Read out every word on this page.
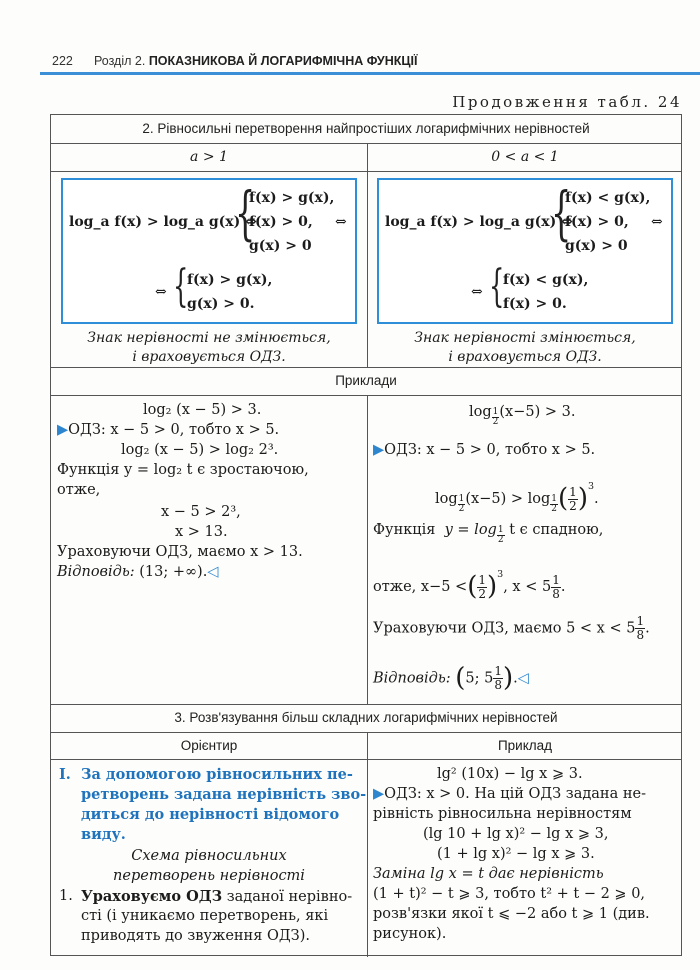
222 Розділ 2. ПОКАЗНИКОВА Й ЛОГАРИФМІЧНА ФУНКЦІЇ
Продовження табл. 24
2. Рівносильні перетворення найпростіших логарифмічних нерівностей
a > 1	0 < a < 1
log_a f(x) > log_a g(x) ⇔
{
f(x) > g(x),
f(x) > 0,
g(x) > 0
⇔
⇔ {
f(x) > g(x),
g(x) > 0.
log_a f(x) > log_a g(x) ⇔
{
f(x) < g(x),
f(x) > 0,
g(x) > 0
⇔
⇔ {
f(x) < g(x),
f(x) > 0.
Знак нерівності не змінюється,
і враховується ОДЗ.
Знак нерівності змінюється,
і враховується ОДЗ.
Приклади
log₂ (x − 5) > 3.
▶ОДЗ: x − 5 > 0, тобто x > 5.
log₂ (x − 5) > log₂ 2³.
Функція y = log₂ t є зростаючою,
отже,
x − 5 > 2³,
x > 13.
Ураховуючи ОДЗ, маємо x > 13.
Відповідь: (13; +∞).◁
$\log \frac{1}{2} (x-5) > 3$.
▶ОДЗ: x − 5 > 0, тобто x > 5.
$\log \frac{1}{2} (x-5) > \log \frac{1}{2}$ ( $\frac{1}{2} )^3$.
Функція $y = \log \frac{1}{2}$ t є спадною,
отже, x−5 <( $\frac{1}{2} )^3$, $x < 5 \frac{1}{8}$ .
Ураховуючи ОДЗ, маємо $5 < x < 5 \frac{1}{8}$ .
Відповідь: (5; $5 \frac{1}{8}$ ).◁
3. Розв'язування більш складних логарифмічних нерівностей
Орієнтир	Приклад
I. За допомогою рівносильних пе-
ретворень задана нерівність зво-
диться до нерівності відомого
виду.
Схема рівносильних
перетворень нерівності
1. Ураховуємо ОДЗ заданої нерівно-
сті (і уникаємо перетворень, які
приводять до звуження ОДЗ).
lg² (10x) − lg x ⩾ 3.
▶ОДЗ: x > 0. На цій ОДЗ задана не-
рівність рівносильна нерівностям
(lg 10 + lg x)² − lg x ⩾ 3,
(1 + lg x)² − lg x ⩾ 3.
Заміна lg x = t дає нерівність
(1 + t)² − t ⩾ 3, тобто t² + t − 2 ⩾ 0,
розв'язки якої t ⩽ −2 або t ⩾ 1 (див.
рисунок).
